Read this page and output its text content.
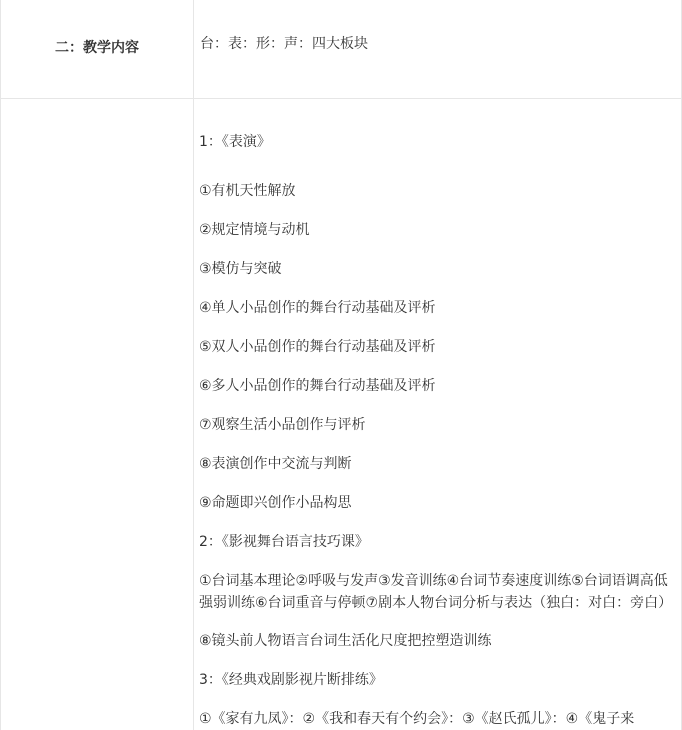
二：教学内容	台：表：形：声：四大板块
1：《表演》
①有机天性解放
②规定情境与动机
③模仿与突破
④单人小品创作的舞台行动基础及评析
⑤双人小品创作的舞台行动基础及评析
⑥多人小品创作的舞台行动基础及评析
⑦观察生活小品创作与评析
⑧表演创作中交流与判断
⑨命题即兴创作小品构思
2：《影视舞台语言技巧课》
①台词基本理论②呼吸与发声③发音训练④台词节奏速度训练⑤台词语调高低
强弱训练⑥台词重音与停顿⑦剧本人物台词分析与表达（独白：对白：旁白）
⑧镜头前人物语言台词生活化尺度把控塑造训练
3：《经典戏剧影视片断排练》
①《家有九凤》：②《我和春天有个约会》：③《赵氏孤儿》：④《鬼子来
